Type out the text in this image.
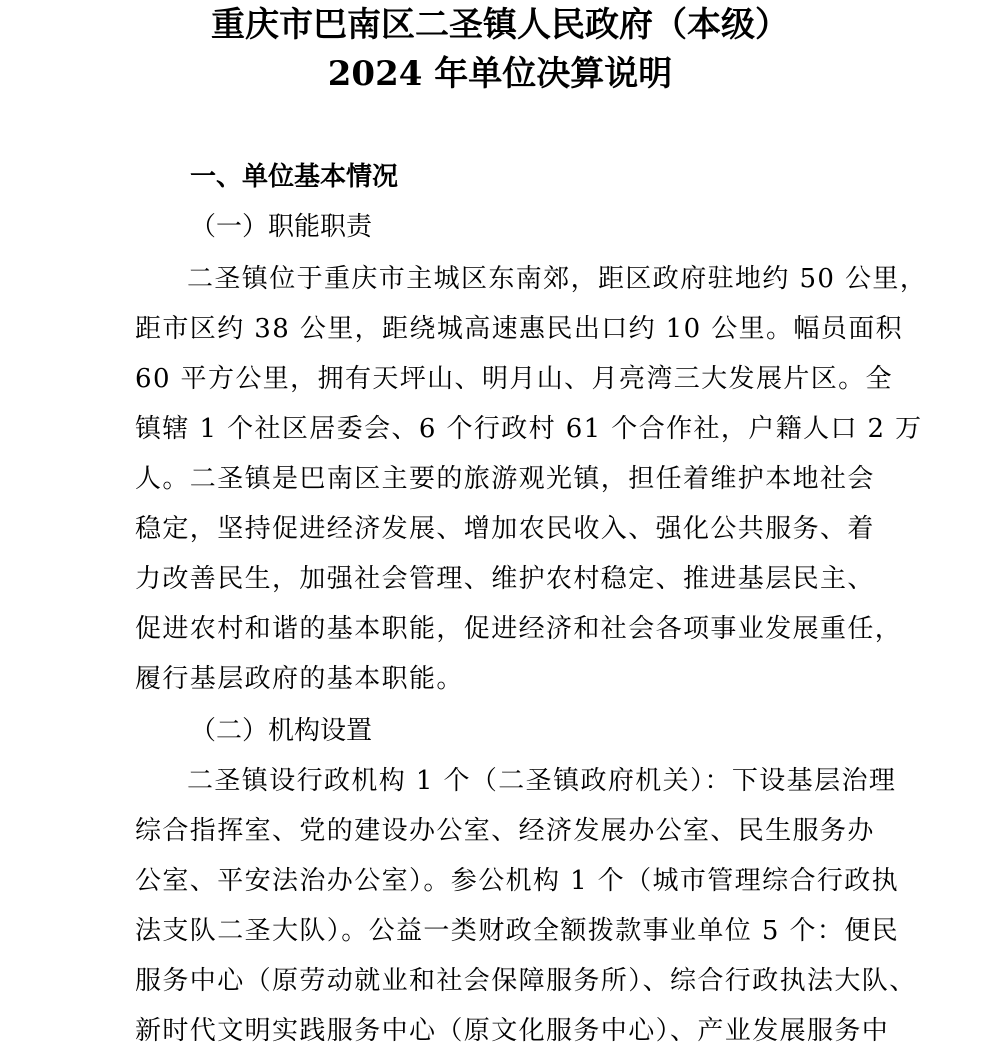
重庆市巴南区二圣镇人民政府（本级）
2024 年单位决算说明
一、单位基本情况
（一）职能职责
二圣镇位于重庆市主城区东南郊，距区政府驻地约 50 公里，
距市区约 38 公里，距绕城高速惠民出口约 10 公里。幅员面积
60 平方公里，拥有天坪山、明月山、月亮湾三大发展片区。全
镇辖 1 个社区居委会、6 个行政村 61 个合作社，户籍人口 2 万
人。二圣镇是巴南区主要的旅游观光镇，担任着维护本地社会
稳定，坚持促进经济发展、增加农民收入、强化公共服务、着
力改善民生，加强社会管理、维护农村稳定、推进基层民主、
促进农村和谐的基本职能，促进经济和社会各项事业发展重任，
履行基层政府的基本职能。
（二）机构设置
二圣镇设行政机构 1 个（二圣镇政府机关）：下设基层治理
综合指挥室、党的建设办公室、经济发展办公室、民生服务办
公室、平安法治办公室）。参公机构 1 个（城市管理综合行政执
法支队二圣大队）。公益一类财政全额拨款事业单位 5 个：便民
服务中心（原劳动就业和社会保障服务所）、综合行政执法大队、
新时代文明实践服务中心（原文化服务中心）、产业发展服务中
